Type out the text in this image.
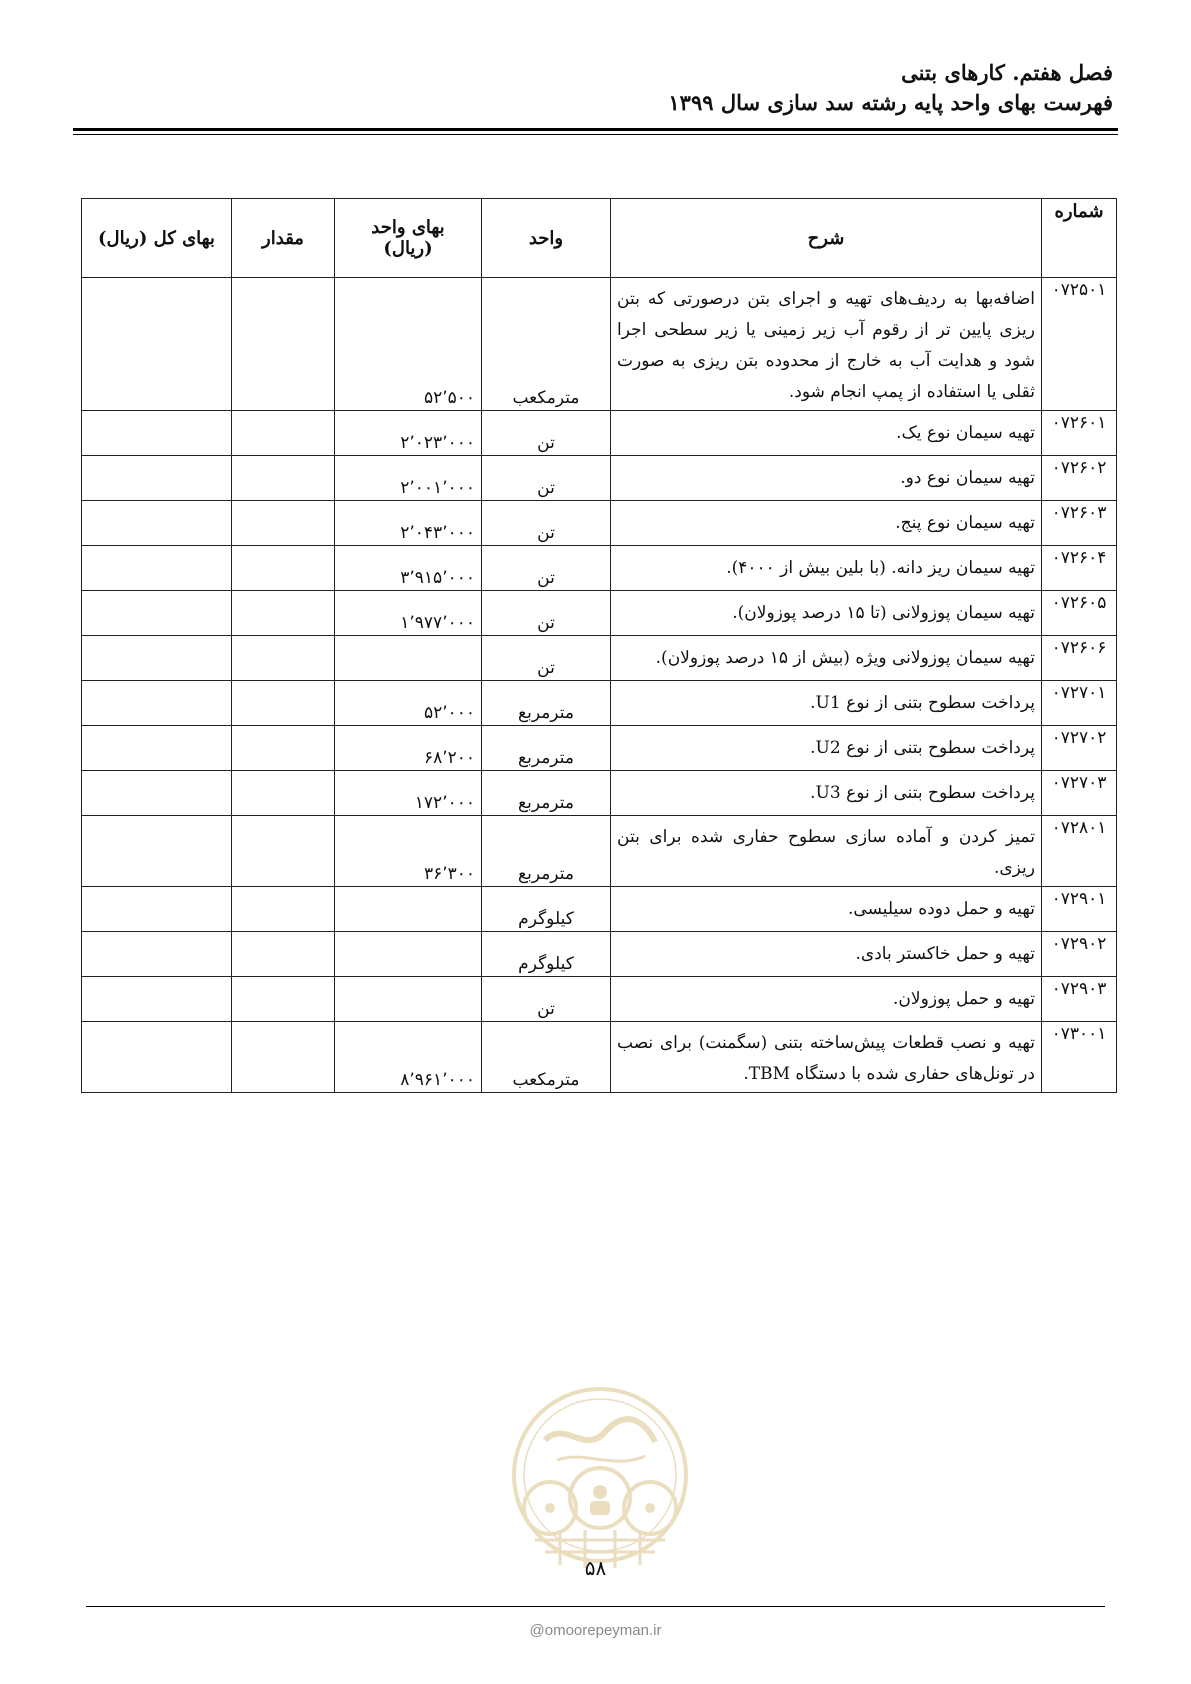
فصل هفتم. کارهای بتنی
فهرست بهای واحد پایه رشته سد سازی سال ۱۳۹۹
شماره	شرح	واحد	بهای واحد
(ریال)	مقدار	بهای کل (ریال)
۰۷۲۵۰۱	اضافه‌بها به ردیف‌های تهیه و اجرای بتن درصورتی که بتن ریزی پایین تر از رقوم آب زیر زمینی یا زیر سطحی اجرا شود و هدایت آب به خارج از محدوده بتن ریزی به صورت ثقلی یا استفاده از پمپ انجام شود.	مترمکعب	۵۲٬۵۰۰		
۰۷۲۶۰۱	تهیه سیمان نوع یک.	تن	۲٬۰۲۳٬۰۰۰		
۰۷۲۶۰۲	تهیه سیمان نوع دو.	تن	۲٬۰۰۱٬۰۰۰		
۰۷۲۶۰۳	تهیه سیمان نوع پنج.	تن	۲٬۰۴۳٬۰۰۰		
۰۷۲۶۰۴	تهیه سیمان ریز دانه. (با بلین بیش از ۴۰۰۰).	تن	۳٬۹۱۵٬۰۰۰		
۰۷۲۶۰۵	تهیه سیمان پوزولانی (تا ۱۵ درصد پوزولان).	تن	۱٬۹۷۷٬۰۰۰		
۰۷۲۶۰۶	تهیه سیمان پوزولانی ویژه (بیش از ۱۵ درصد پوزولان).	تن			
۰۷۲۷۰۱	پرداخت سطوح بتنی از نوع U1.	مترمربع	۵۲٬۰۰۰		
۰۷۲۷۰۲	پرداخت سطوح بتنی از نوع U2.	مترمربع	۶۸٬۲۰۰		
۰۷۲۷۰۳	پرداخت سطوح بتنی از نوع U3.	مترمربع	۱۷۲٬۰۰۰		
۰۷۲۸۰۱	تمیز کردن و آماده سازی سطوح حفاری شده برای بتن ریزی.	مترمربع	۳۶٬۳۰۰		
۰۷۲۹۰۱	تهیه و حمل دوده سیلیسی.	کیلوگرم			
۰۷۲۹۰۲	تهیه و حمل خاکستر بادی.	کیلوگرم			
۰۷۲۹۰۳	تهیه و حمل پوزولان.	تن			
۰۷۳۰۰۱	تهیه و نصب قطعات پیش‌ساخته بتنی (سگمنت) برای نصب در تونل‌های حفاری شده با دستگاه TBM.	مترمکعب	۸٬۹۶۱٬۰۰۰		
۵۸
@omoorepeyman.ir
